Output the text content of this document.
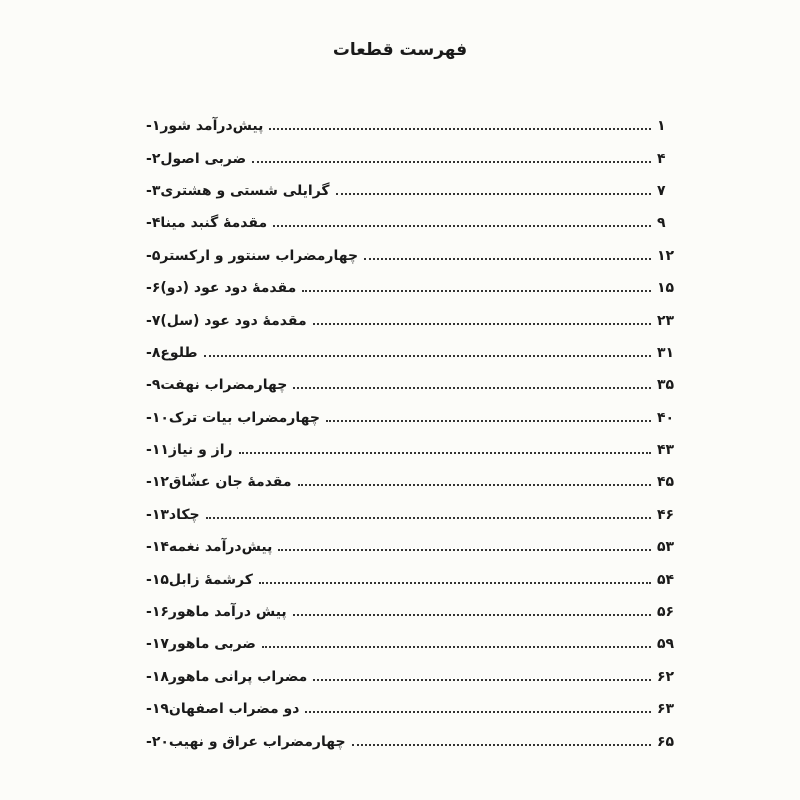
فهرست قطعات
۱- پیش‌درآمد شور	۱
۲- ضربی اصول	۴
۳- گرایلی شستی و هشتری	۷
۴- مقدمهٔ گنبد مینا	۹
۵- چهارمضراب سنتور و ارکستر	۱۲
۶- مقدمهٔ دود عود (دو)	۱۵
۷- مقدمهٔ دود عود (سل)	۲۳
۸- طلوع	۳۱
۹- چهارمضراب نهفت	۳۵
۱۰- چهارمضراب بیات ترک	۴۰
۱۱- راز و نیاز	۴۳
۱۲- مقدمهٔ جان عشّاق	۴۵
۱۳- چکاد	۴۶
۱۴- پیش‌درآمد نغمه	۵۳
۱۵- کرشمهٔ زابل	۵۴
۱۶- پیش درآمد ماهور	۵۶
۱۷- ضربی ماهور	۵۹
۱۸- مضراب پرانی ماهور	۶۲
۱۹- دو مضراب اصفهان	۶۳
۲۰- چهارمضراب عراق و نهیب	۶۵
